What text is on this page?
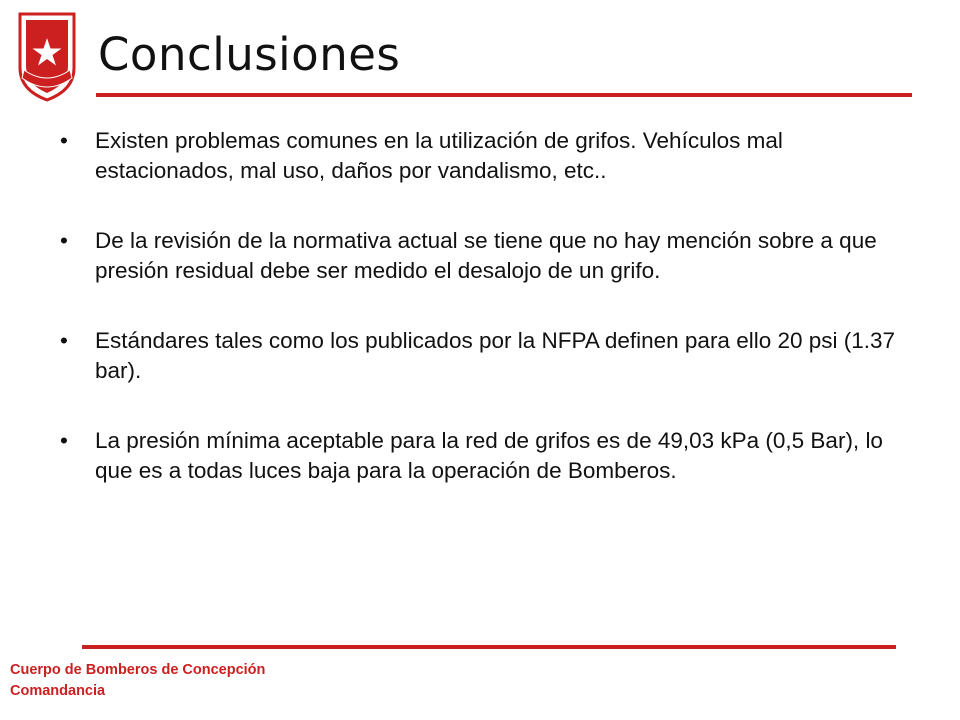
Conclusiones
• Existen problemas comunes en la utilización de grifos. Vehículos mal estacionados, mal uso, daños por vandalismo, etc..
• De la revisión de la normativa actual se tiene que no hay mención sobre a que presión residual debe ser medido el desalojo de un grifo.
• Estándares tales como los publicados por la NFPA definen para ello 20 psi (1.37 bar).
• La presión mínima aceptable para la red de grifos es de 49,03 kPa (0,5 Bar), lo que es a todas luces baja para la operación de Bomberos.
Cuerpo de Bomberos de Concepción
Comandancia
